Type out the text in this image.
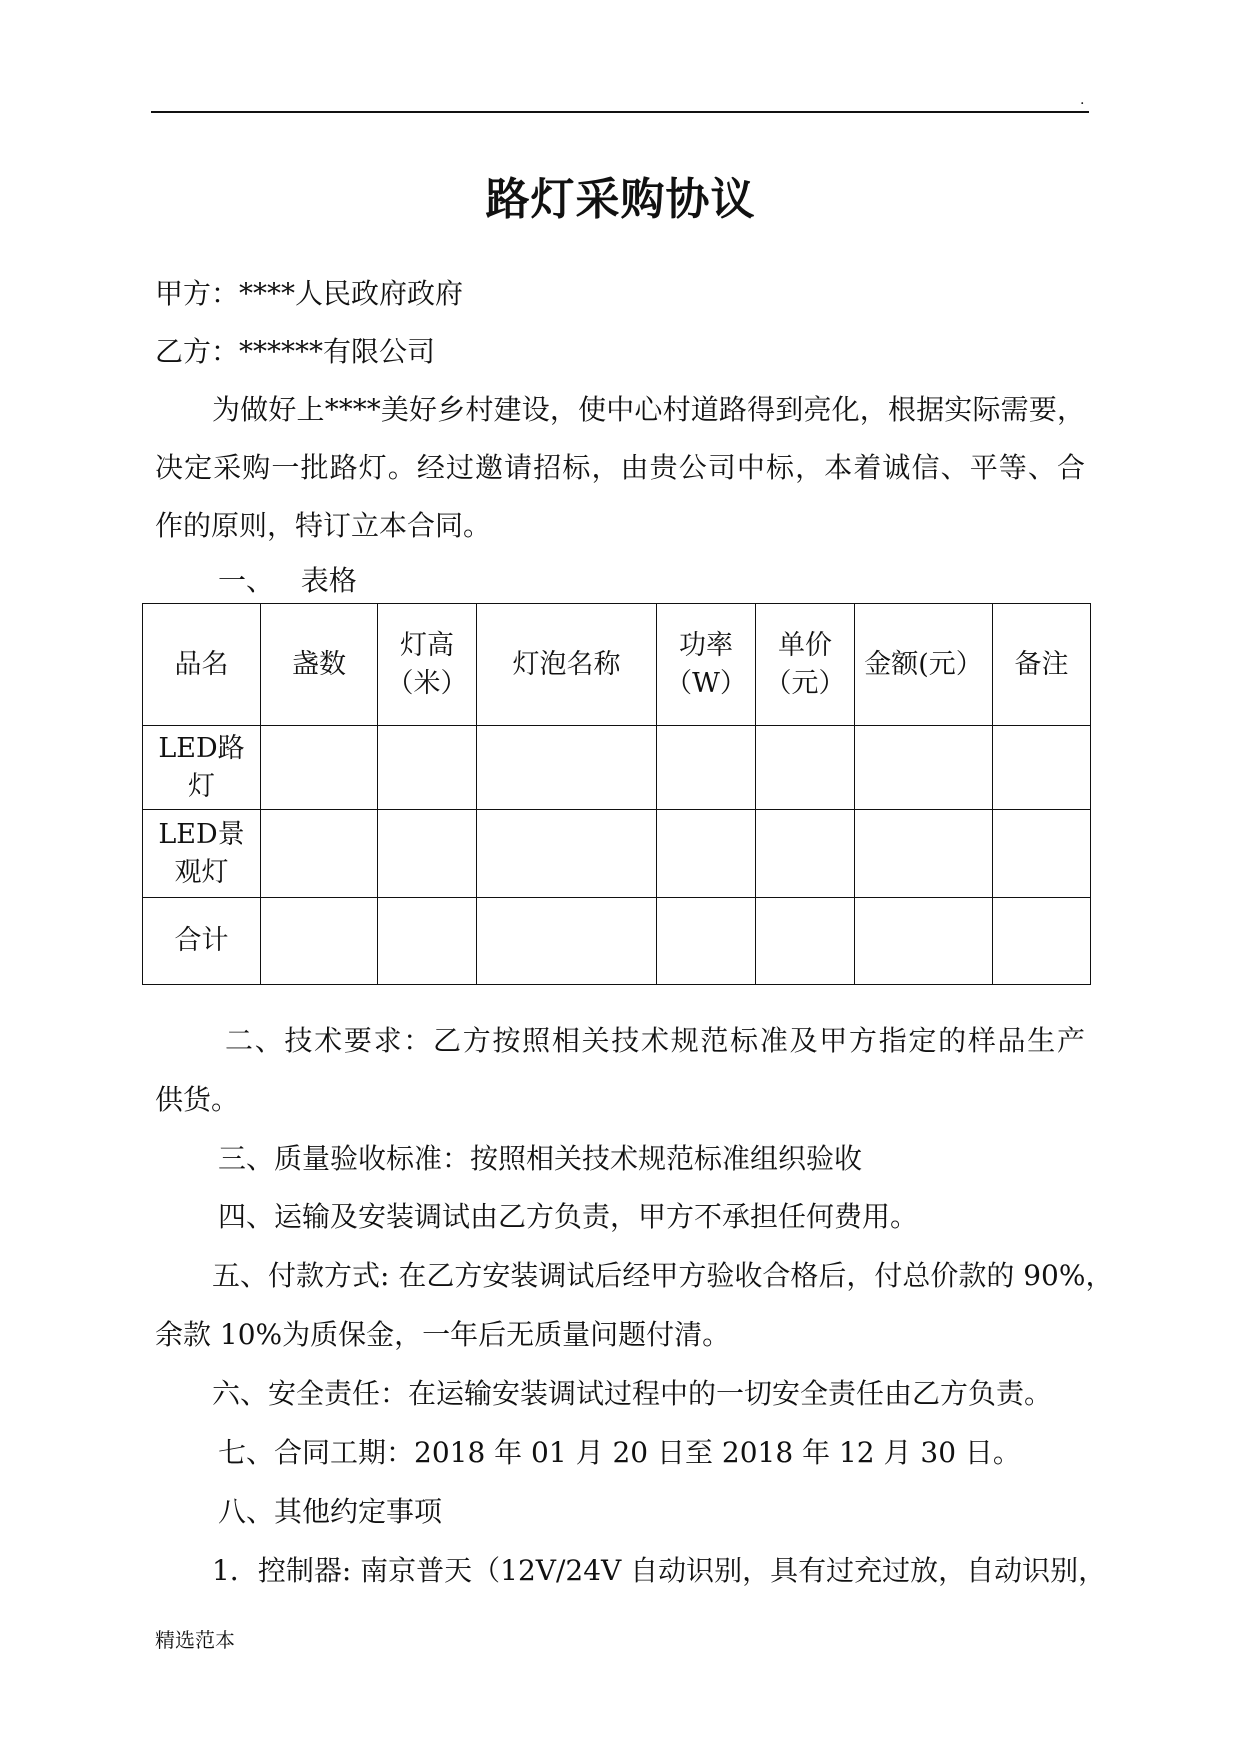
.
路灯采购协议
甲方：****人民政府政府
乙方：******有限公司
为做好上****美好乡村建设，使中心村道路得到亮化，根据实际需要，
决定采购一批路灯。经过邀请招标，由贵公司中标，本着诚信、平等、合
作的原则，特订立本合同。
一、   表格
品名	盏数	灯高（米）	灯泡名称	功率（W）	单价（元）	金额(元）	备注
LED路灯							
LED景观灯							
合计							
二、技术要求：乙方按照相关技术规范标准及甲方指定的样品生产
供货。
三、质量验收标准：按照相关技术规范标准组织验收
四、运输及安装调试由乙方负责，甲方不承担任何费用。
五、付款方式: 在乙方安装调试后经甲方验收合格后，付总价款的 90%，
余款 10%为质保金，一年后无质量问题付清。
六、安全责任：在运输安装调试过程中的一切安全责任由乙方负责。
七、合同工期：2018 年 01 月 20 日至 2018 年 12 月 30 日。
八、其他约定事项
1．控制器: 南京普天（12V/24V 自动识别，具有过充过放，自动识别，
精选范本
